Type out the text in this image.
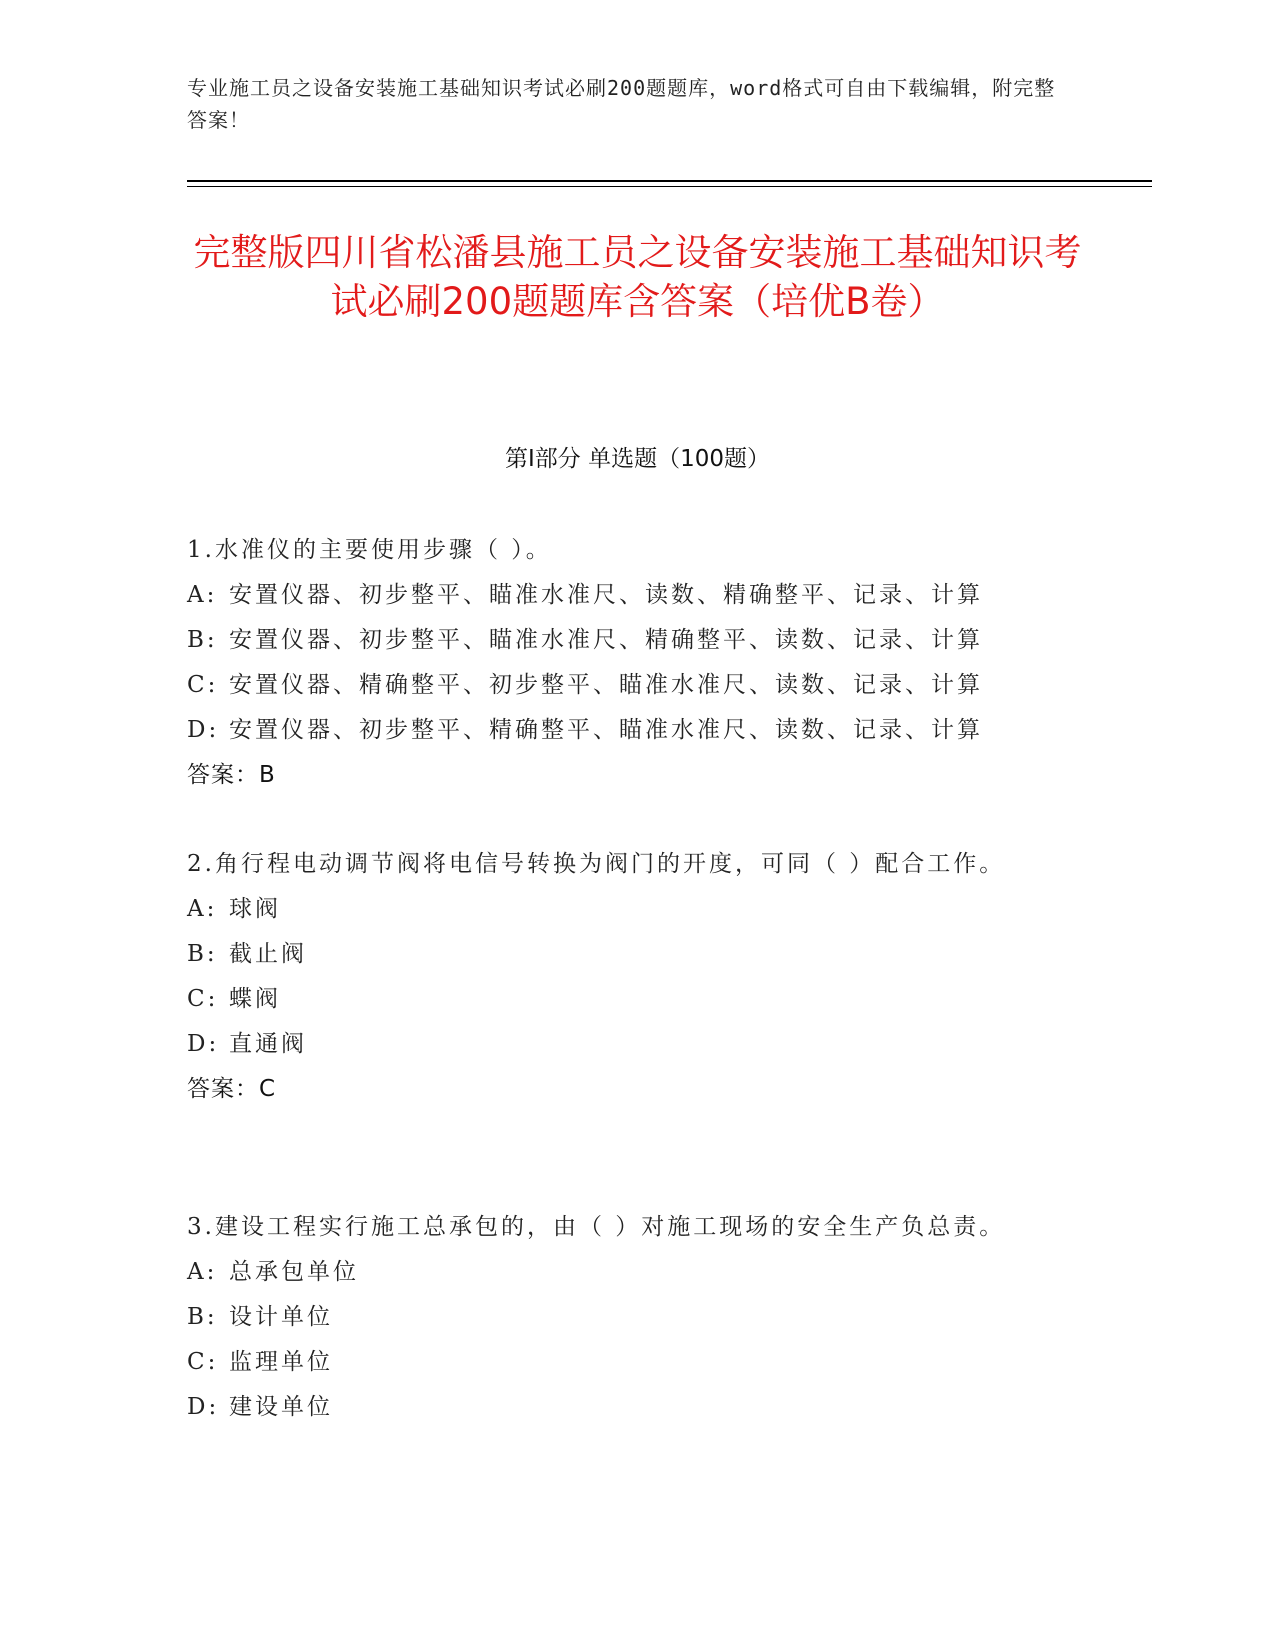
专业施工员之设备安装施工基础知识考试必刷200题题库，word格式可自由下载编辑，附完整答案！
完整版四川省松潘县施工员之设备安装施工基础知识考试必刷200题题库含答案（培优B卷）
第Ⅰ部分 单选题（100题）
1.水准仪的主要使用步骤（ ）。
A: 安置仪器、初步整平、瞄准水准尺、读数、精确整平、记录、计算
B: 安置仪器、初步整平、瞄准水准尺、精确整平、读数、记录、计算
C: 安置仪器、精确整平、初步整平、瞄准水准尺、读数、记录、计算
D: 安置仪器、初步整平、精确整平、瞄准水准尺、读数、记录、计算
答案：B
2.角行程电动调节阀将电信号转换为阀门的开度，可同（ ）配合工作。
A: 球阀
B: 截止阀
C: 蝶阀
D: 直通阀
答案：C
3.建设工程实行施工总承包的，由（ ）对施工现场的安全生产负总责。
A: 总承包单位
B: 设计单位
C: 监理单位
D: 建设单位
